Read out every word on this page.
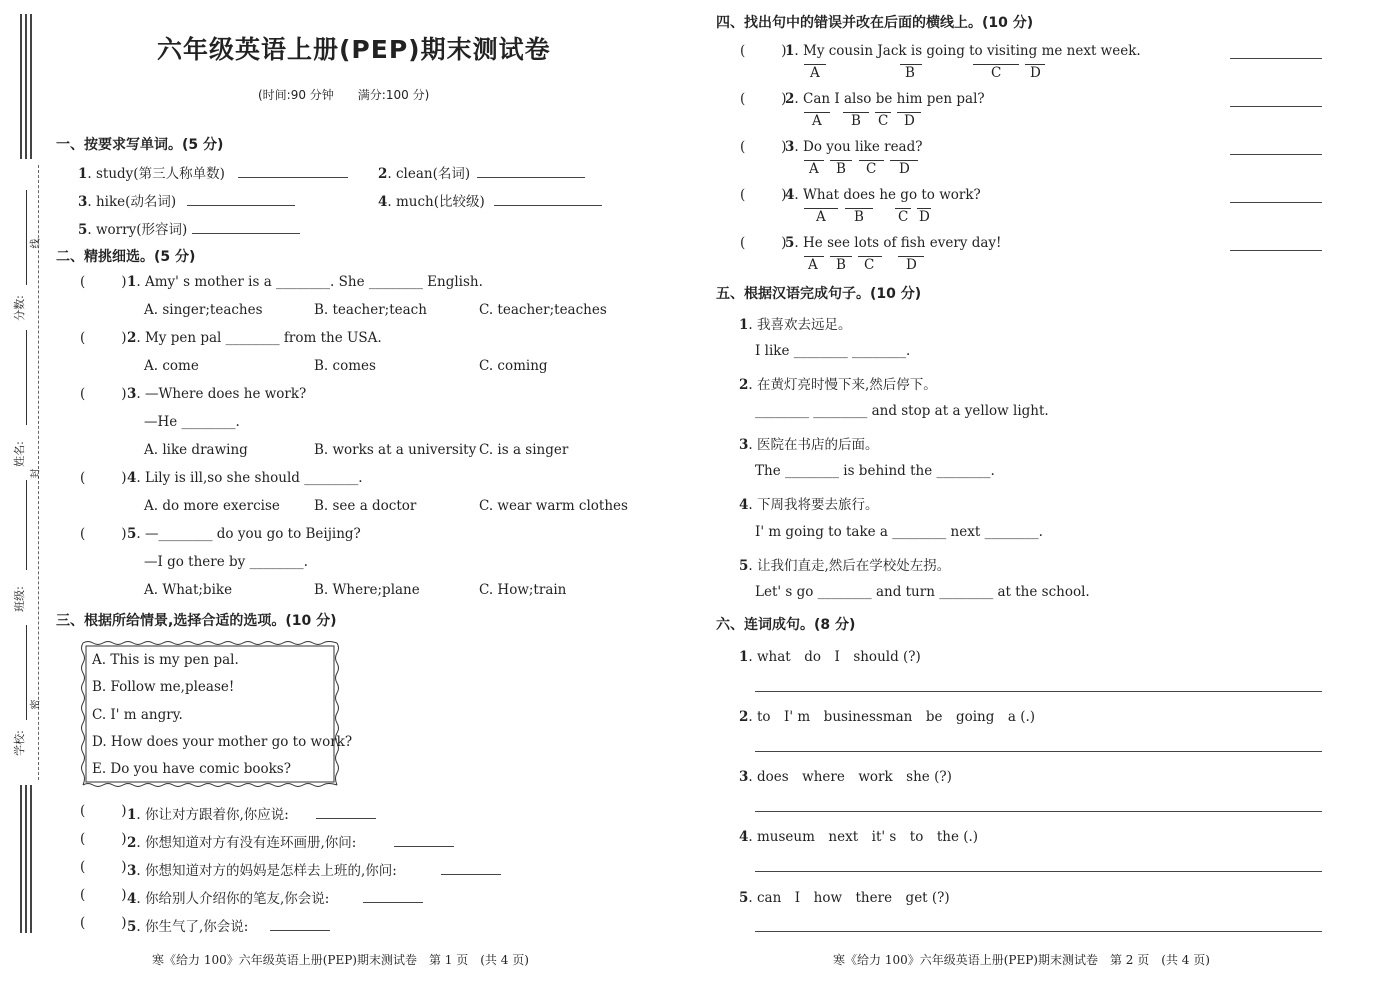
线
封
密
分数:
姓名:
班级:
学校:
六年级英语上册(PEP)期末测试卷
(时间:90 分钟　　满分:100 分)
一、按要求写单词。(5 分)
1. study(第三人称单数)	2. clean(名词)
3. hike(动名词)	4. much(比较级)
5. worry(形容词)
二、精挑细选。(5 分)
(	) 1. Amy' s mother is a ________. She ________ English.
A. singer;teaches	B. teacher;teach	C. teacher;teaches
(	) 2. My pen pal ________ from the USA.
A. come	B. comes	C. coming
(	) 3. —Where does he work?
—He ________.
A. like drawing	B. works at a university C. is a singer
(	) 4. Lily is ill,so she should ________.
A. do more exercise	B. see a doctor	C. wear warm clothes
(	) 5. —________ do you go to Beijing?
—I go there by ________.
A. What;bike	B. Where;plane	C. How;train
三、根据所给情景,选择合适的选项。(10 分)
A. This is my pen pal.
B. Follow me,please!
C. I' m angry.
D. How does your mother go to work?
E. Do you have comic books?
(	) 1. 你让对方跟着你,你应说:
(	) 2. 你想知道对方有没有连环画册,你问:
(	) 3. 你想知道对方的妈妈是怎样去上班的,你问:
(	) 4. 你给别人介绍你的笔友,你会说:
(	) 5. 你生气了,你会说:
寒《给力 100》六年级英语上册(PEP)期末测试卷　第 1 页　(共 4 页)
四、找出句中的错误并改在后面的横线上。(10 分)
(	)
1. My cousin Jack is going to visiting me next week.
A	B	C D
(	)
2. Can I also be him pen pal?
A B C D
(	)
3. Do you like read?
A B C D
(	)
4. What does he go to work?
A B	C D
(	)
5. He see lots of fish every day!
A B C D
五、根据汉语完成句子。(10 分)
1. 我喜欢去远足。
I like ________ ________.
2. 在黄灯亮时慢下来,然后停下。
________ ________ and stop at a yellow light.
3. 医院在书店的后面。
The ________ is behind the ________.
4. 下周我将要去旅行。
I' m going to take a ________ next ________.
5. 让我们直走,然后在学校处左拐。
Let' s go ________ and turn ________ at the school.
六、连词成句。(8 分)
1. what　do　I　should (?)
2. to　I' m　businessman　be　going　a (.)
3. does　where　work　she (?)
4. museum　next　it' s　to　the (.)
5. can　I　how　there　get (?)
寒《给力 100》六年级英语上册(PEP)期末测试卷　第 2 页　(共 4 页)
